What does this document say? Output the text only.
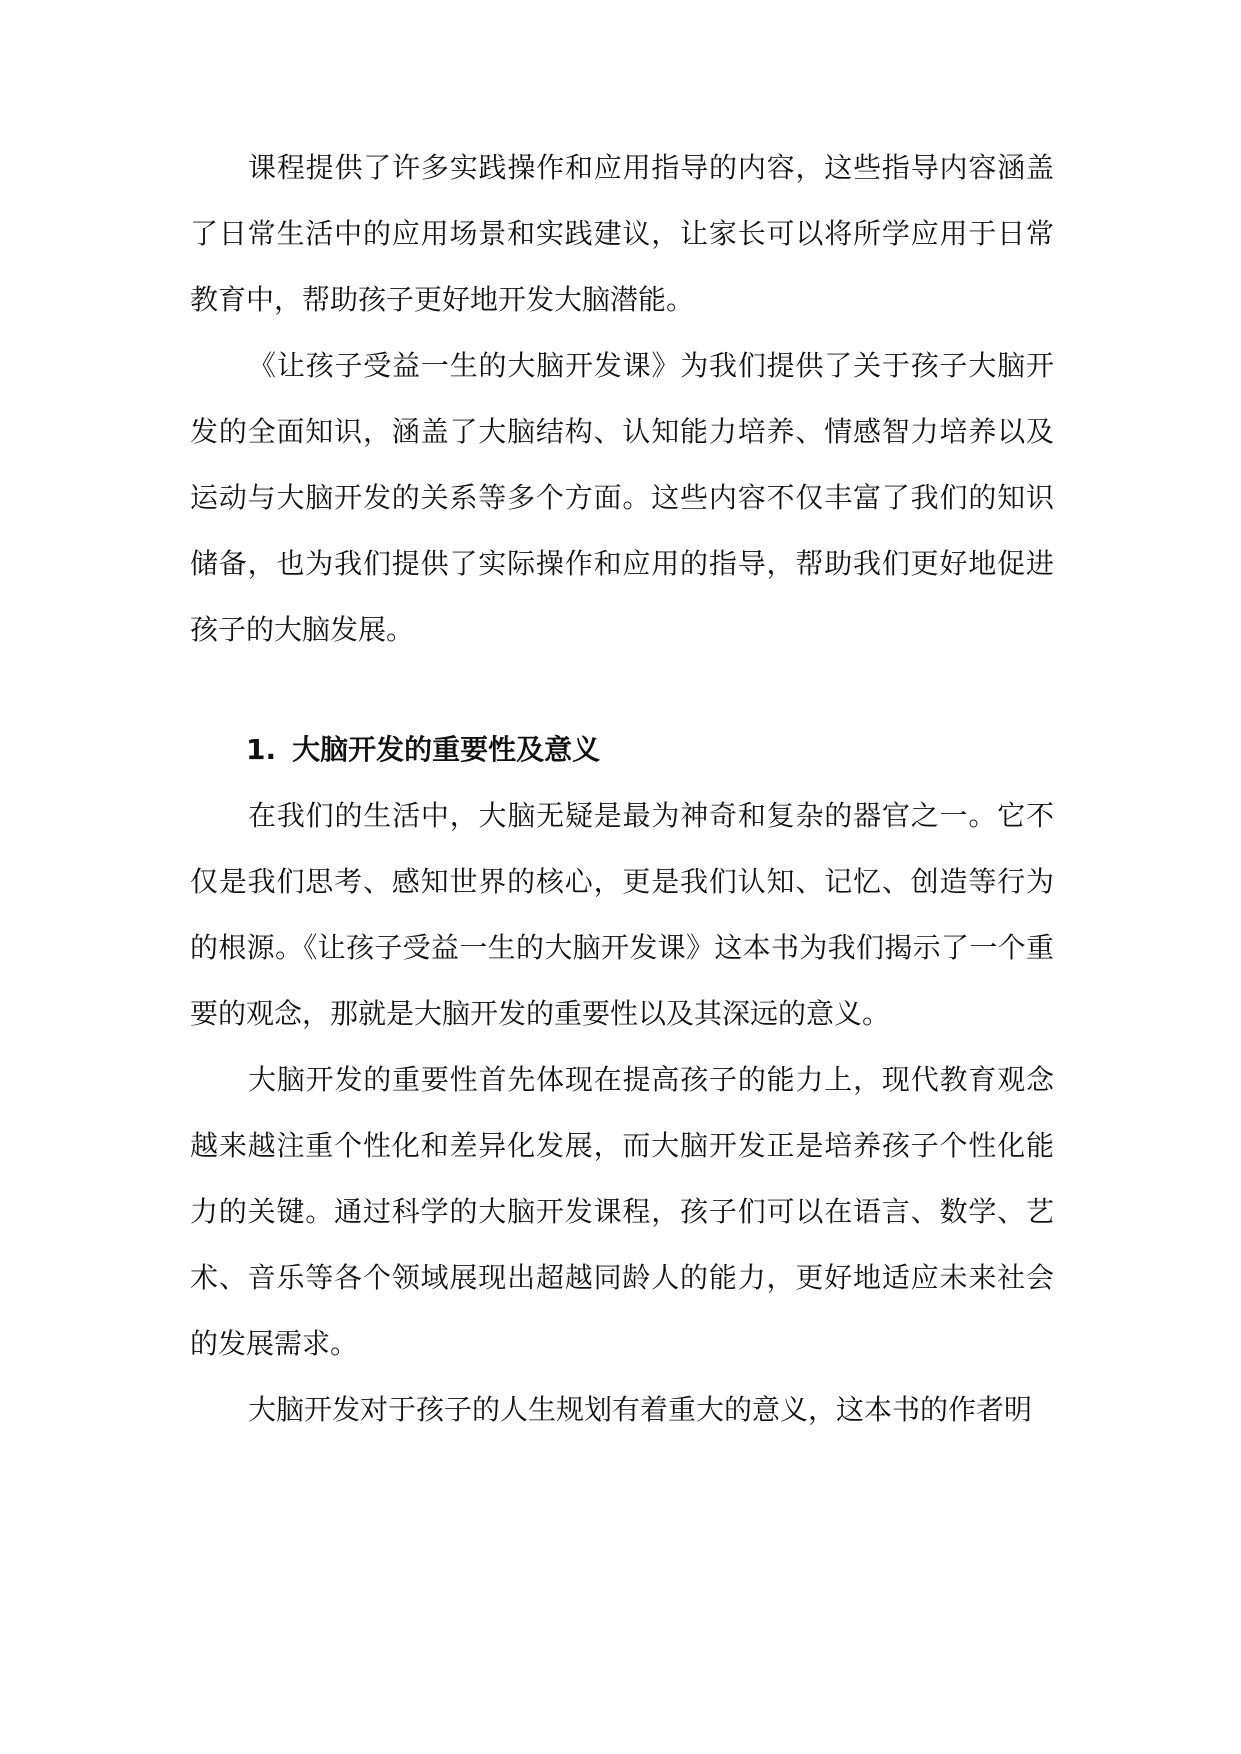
课程提供了许多实践操作和应用指导的内容，这些指导内容涵盖了日常生活中的应用场景和实践建议，让家长可以将所学应用于日常教育中，帮助孩子更好地开发大脑潜能。

《让孩子受益一生的大脑开发课》为我们提供了关于孩子大脑开发的全面知识，涵盖了大脑结构、认知能力培养、情感智力培养以及运动与大脑开发的关系等多个方面。这些内容不仅丰富了我们的知识储备，也为我们提供了实际操作和应用的指导，帮助我们更好地促进孩子的大脑发展。

1. 大脑开发的重要性及意义

在我们的生活中，大脑无疑是最为神奇和复杂的器官之一。它不仅是我们思考、感知世界的核心，更是我们认知、记忆、创造等行为的根源。《让孩子受益一生的大脑开发课》这本书为我们揭示了一个重要的观念，那就是大脑开发的重要性以及其深远的意义。

大脑开发的重要性首先体现在提高孩子的能力上，现代教育观念越来越注重个性化和差异化发展，而大脑开发正是培养孩子个性化能力的关键。通过科学的大脑开发课程，孩子们可以在语言、数学、艺术、音乐等各个领域展现出超越同龄人的能力，更好地适应未来社会的发展需求。

大脑开发对于孩子的人生规划有着重大的意义，这本书的作者明
